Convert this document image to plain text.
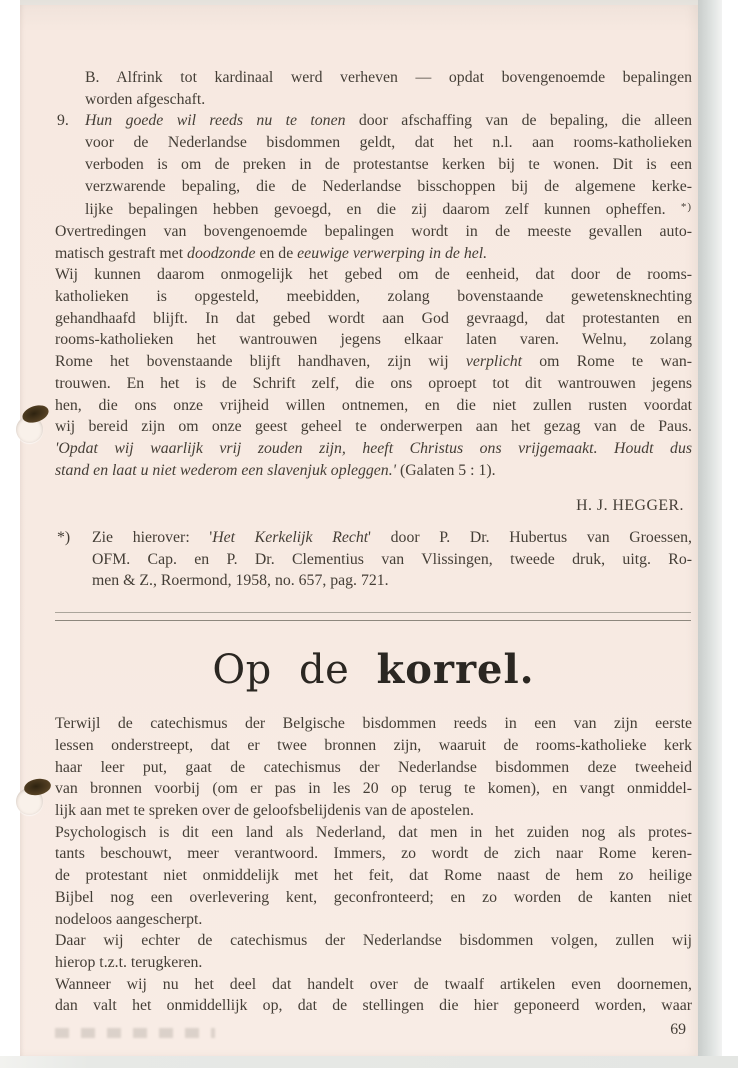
B. Alfrink tot kardinaal werd verheven — opdat bovengenoemde bepalingen
worden afgeschaft.
9. Hun goede wil reeds nu te tonen door afschaffing van de bepaling, die alleen
voor de Nederlandse bisdommen geldt, dat het n.l. aan rooms-katholieken
verboden is om de preken in de protestantse kerken bij te wonen. Dit is een
verzwarende bepaling, die de Nederlandse bisschoppen bij de algemene kerke-
lijke bepalingen hebben gevoegd, en die zij daarom zelf kunnen opheffen. *)
Overtredingen van bovengenoemde bepalingen wordt in de meeste gevallen auto-
matisch gestraft met doodzonde en de eeuwige verwerping in de hel.
Wij kunnen daarom onmogelijk het gebed om de eenheid, dat door de rooms-
katholieken is opgesteld, meebidden, zolang bovenstaande gewetensknechting
gehandhaafd blijft. In dat gebed wordt aan God gevraagd, dat protestanten en
rooms-katholieken het wantrouwen jegens elkaar laten varen. Welnu, zolang
Rome het bovenstaande blijft handhaven, zijn wij verplicht om Rome te wan-
trouwen. En het is de Schrift zelf, die ons oproept tot dit wantrouwen jegens
hen, die ons onze vrijheid willen ontnemen, en die niet zullen rusten voordat
wij bereid zijn om onze geest geheel te onderwerpen aan het gezag van de Paus.
'Opdat wij waarlijk vrij zouden zijn, heeft Christus ons vrijgemaakt. Houdt dus
stand en laat u niet wederom een slavenjuk opleggen.' (Galaten 5 : 1).
H. J. HEGGER.
*) Zie hierover: 'Het Kerkelijk Recht' door P. Dr. Hubertus van Groessen,
OFM. Cap. en P. Dr. Clementius van Vlissingen, tweede druk, uitg. Ro-
men & Z., Roermond, 1958, no. 657, pag. 721.
Op de korrel.
Terwijl de catechismus der Belgische bisdommen reeds in een van zijn eerste
lessen onderstreept, dat er twee bronnen zijn, waaruit de rooms-katholieke kerk
haar leer put, gaat de catechismus der Nederlandse bisdommen deze tweeheid
van bronnen voorbij (om er pas in les 20 op terug te komen), en vangt onmiddel-
lijk aan met te spreken over de geloofsbelijdenis van de apostelen.
Psychologisch is dit een land als Nederland, dat men in het zuiden nog als protes-
tants beschouwt, meer verantwoord. Immers, zo wordt de zich naar Rome keren-
de protestant niet onmiddelijk met het feit, dat Rome naast de hem zo heilige
Bijbel nog een overlevering kent, geconfronteerd; en zo worden de kanten niet
nodeloos aangescherpt.
Daar wij echter de catechismus der Nederlandse bisdommen volgen, zullen wij
hierop t.z.t. terugkeren.
Wanneer wij nu het deel dat handelt over de twaalf artikelen even doornemen,
dan valt het onmiddellijk op, dat de stellingen die hier geponeerd worden, waar
69
